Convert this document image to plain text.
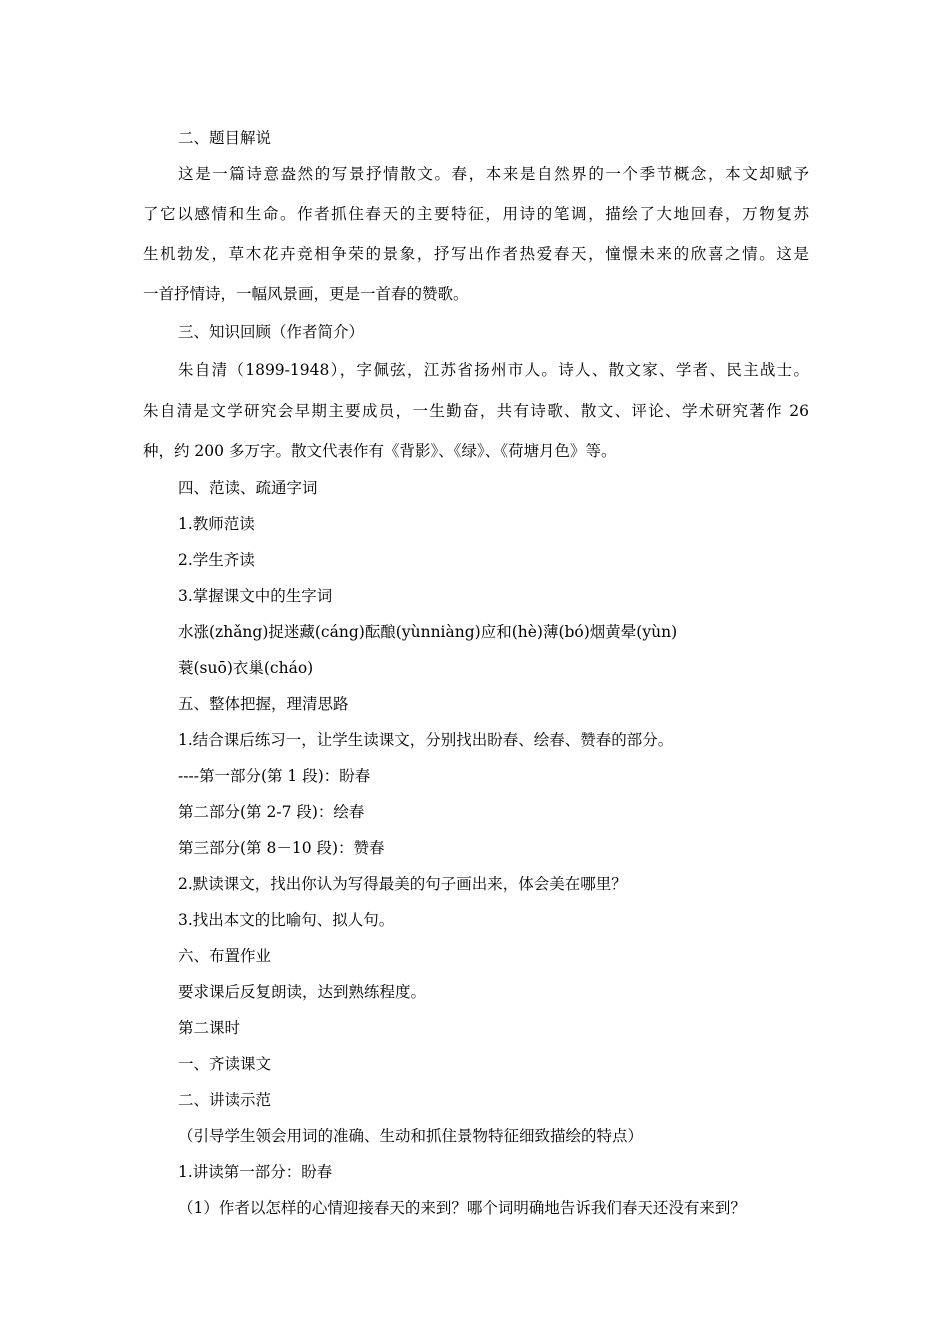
二、题目解说
这是一篇诗意盎然的写景抒情散文。春，本来是自然界的一个季节概念，本文却赋予
了它以感情和生命。作者抓住春天的主要特征，用诗的笔调，描绘了大地回春，万物复苏
生机勃发，草木花卉竞相争荣的景象，抒写出作者热爱春天，憧憬未来的欣喜之情。这是
一首抒情诗，一幅风景画，更是一首春的赞歌。
三、知识回顾（作者简介）
朱自清（1899-1948），字佩弦，江苏省扬州市人。诗人、散文家、学者、民主战士。
朱自清是文学研究会早期主要成员，一生勤奋，共有诗歌、散文、评论、学术研究著作 26
种，约 200 多万字。散文代表作有《背影》、《绿》、《荷塘月色》等。
四、范读、疏通字词
1.教师范读
2.学生齐读
3.掌握课文中的生字词
水涨(zhǎng)捉迷藏(cáng)酝酿(yùnniàng)应和(hè)薄(bó)烟黄晕(yùn)
蓑(suō)衣巢(cháo)
五、整体把握，理清思路
1.结合课后练习一，让学生读课文，分别找出盼春、绘春、赞春的部分。
----第一部分(第 1 段)：盼春
第二部分(第 2-7 段)：绘春
第三部分(第 8－10 段)：赞春
2.默读课文，找出你认为写得最美的句子画出来，体会美在哪里？
3.找出本文的比喻句、拟人句。
六、布置作业
要求课后反复朗读，达到熟练程度。
第二课时
一、齐读课文
二、讲读示范
（引导学生领会用词的准确、生动和抓住景物特征细致描绘的特点）
1.讲读第一部分：盼春
（1）作者以怎样的心情迎接春天的来到？哪个词明确地告诉我们春天还没有来到？
